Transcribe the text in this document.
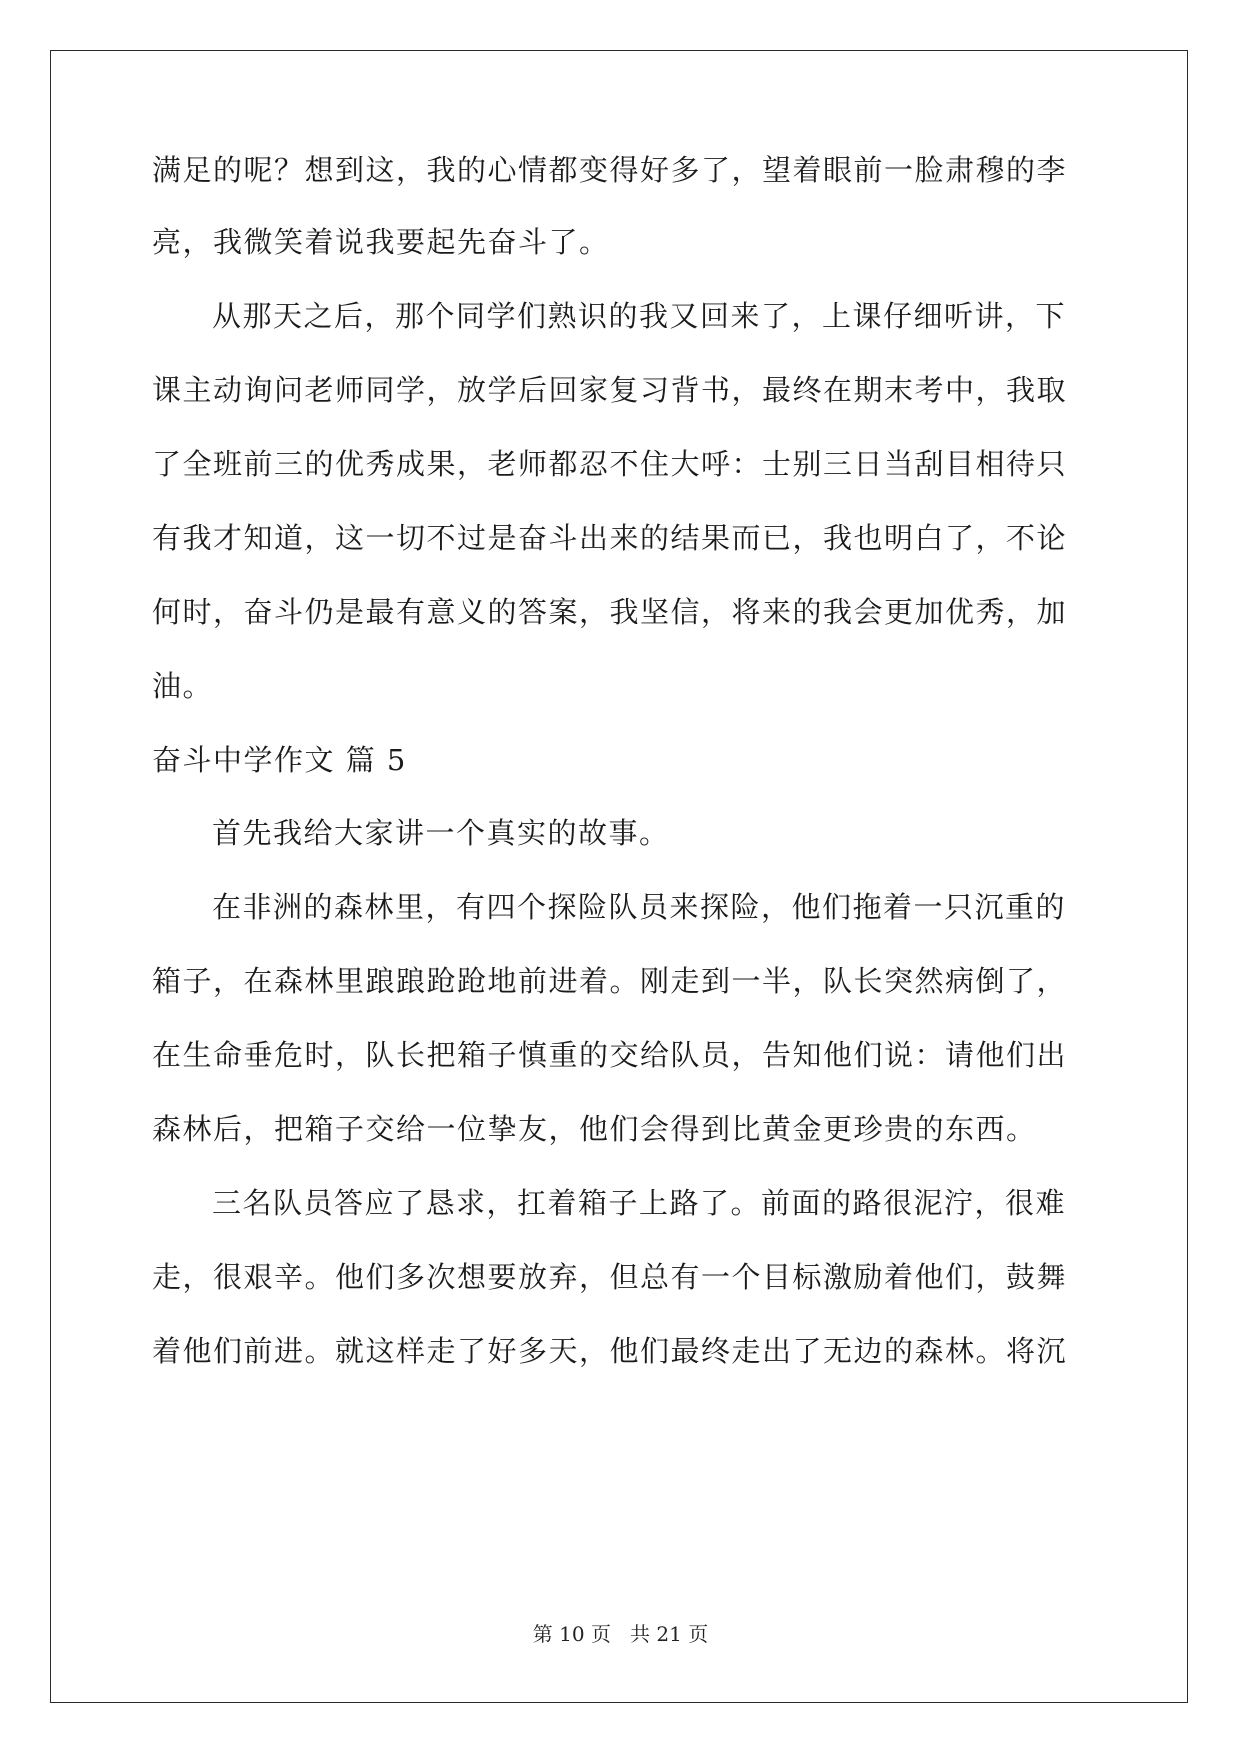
满足的呢？想到这，我的心情都变得好多了，望着眼前一脸肃穆的李
亮，我微笑着说我要起先奋斗了。
从那天之后，那个同学们熟识的我又回来了，上课仔细听讲，下
课主动询问老师同学，放学后回家复习背书，最终在期末考中，我取
了全班前三的优秀成果，老师都忍不住大呼：士别三日当刮目相待只
有我才知道，这一切不过是奋斗出来的结果而已，我也明白了，不论
何时，奋斗仍是最有意义的答案，我坚信，将来的我会更加优秀，加
油。
奋斗中学作文 篇 5
首先我给大家讲一个真实的故事。
在非洲的森林里，有四个探险队员来探险，他们拖着一只沉重的
箱子，在森林里踉踉跄跄地前进着。刚走到一半，队长突然病倒了，
在生命垂危时，队长把箱子慎重的交给队员，告知他们说：请他们出
森林后，把箱子交给一位挚友，他们会得到比黄金更珍贵的东西。
三名队员答应了恳求，扛着箱子上路了。前面的路很泥泞，很难
走，很艰辛。他们多次想要放弃，但总有一个目标激励着他们，鼓舞
着他们前进。就这样走了好多天，他们最终走出了无边的森林。将沉
第 10 页   共 21 页
